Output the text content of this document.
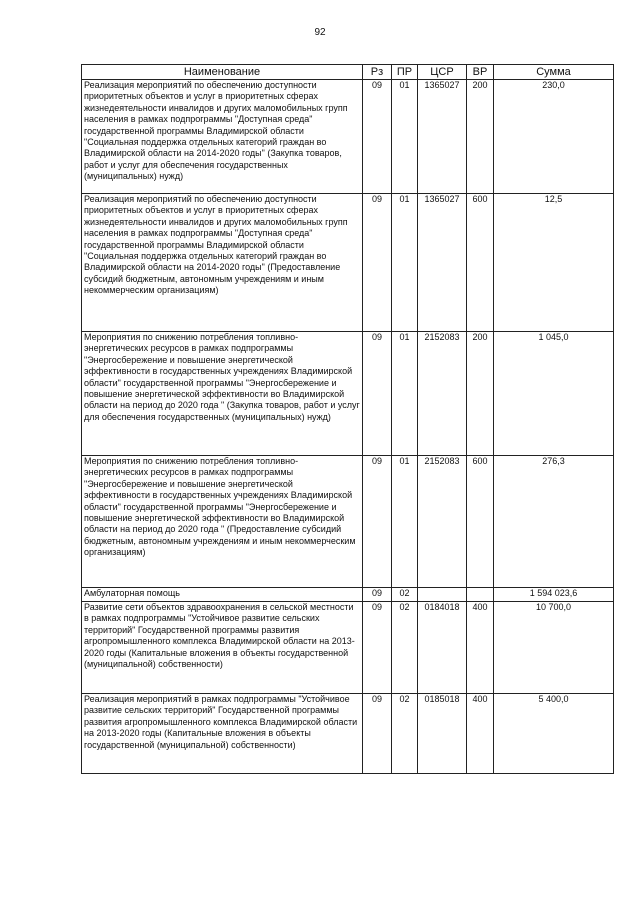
92
Наименование	Рз	ПР	ЦСР	ВР	Сумма
Реализация мероприятий по обеспечению доступности приоритетных объектов и услуг в приоритетных сферах жизнедеятельности инвалидов и других маломобильных групп населения в рамках подпрограммы "Доступная среда" государственной программы Владимирской области "Социальная поддержка отдельных категорий граждан во Владимирской области на 2014-2020 годы" (Закупка товаров, работ и услуг для обеспечения государственных (муниципальных) нужд)	09	01	1365027	200	230,0
Реализация мероприятий по обеспечению доступности приоритетных объектов и услуг в приоритетных сферах жизнедеятельности инвалидов и других маломобильных групп населения в рамках подпрограммы "Доступная среда" государственной программы Владимирской области "Социальная поддержка отдельных категорий граждан во Владимирской области на 2014-2020 годы" (Предоставление субсидий бюджетным, автономным учреждениям и иным некоммерческим организациям)	09	01	1365027	600	12,5
Мероприятия по снижению потребления топливно-энергетических ресурсов в рамках подпрограммы "Энергосбережение и повышение энергетической эффективности в государственных учреждениях Владимирской области" государственной программы "Энергосбережение и повышение энергетической эффективности во Владимирской области на период до 2020 года " (Закупка товаров, работ и услуг для обеспечения государственных (муниципальных) нужд)	09	01	2152083	200	1 045,0
Мероприятия по снижению потребления топливно-энергетических ресурсов в рамках подпрограммы "Энергосбережение и повышение энергетической эффективности в государственных учреждениях Владимирской области" государственной программы "Энергосбережение и повышение энергетической эффективности во Владимирской области на период до 2020 года " (Предоставление субсидий бюджетным, автономным учреждениям и иным некоммерческим организациям)	09	01	2152083	600	276,3
Амбулаторная помощь	09	02			1 594 023,6
Развитие сети объектов здравоохранения в сельской местности в рамках подпрограммы "Устойчивое развитие сельских территорий" Государственной программы развития агропромышленного комплекса Владимирской области на 2013-2020 годы (Капитальные вложения в объекты государственной (муниципальной) собственности)	09	02	0184018	400	10 700,0
Реализация мероприятий в рамках подпрограммы "Устойчивое развитие сельских территорий" Государственной программы развития агропромышленного комплекса Владимирской области на 2013-2020 годы (Капитальные вложения в объекты государственной (муниципальной) собственности)	09	02	0185018	400	5 400,0
